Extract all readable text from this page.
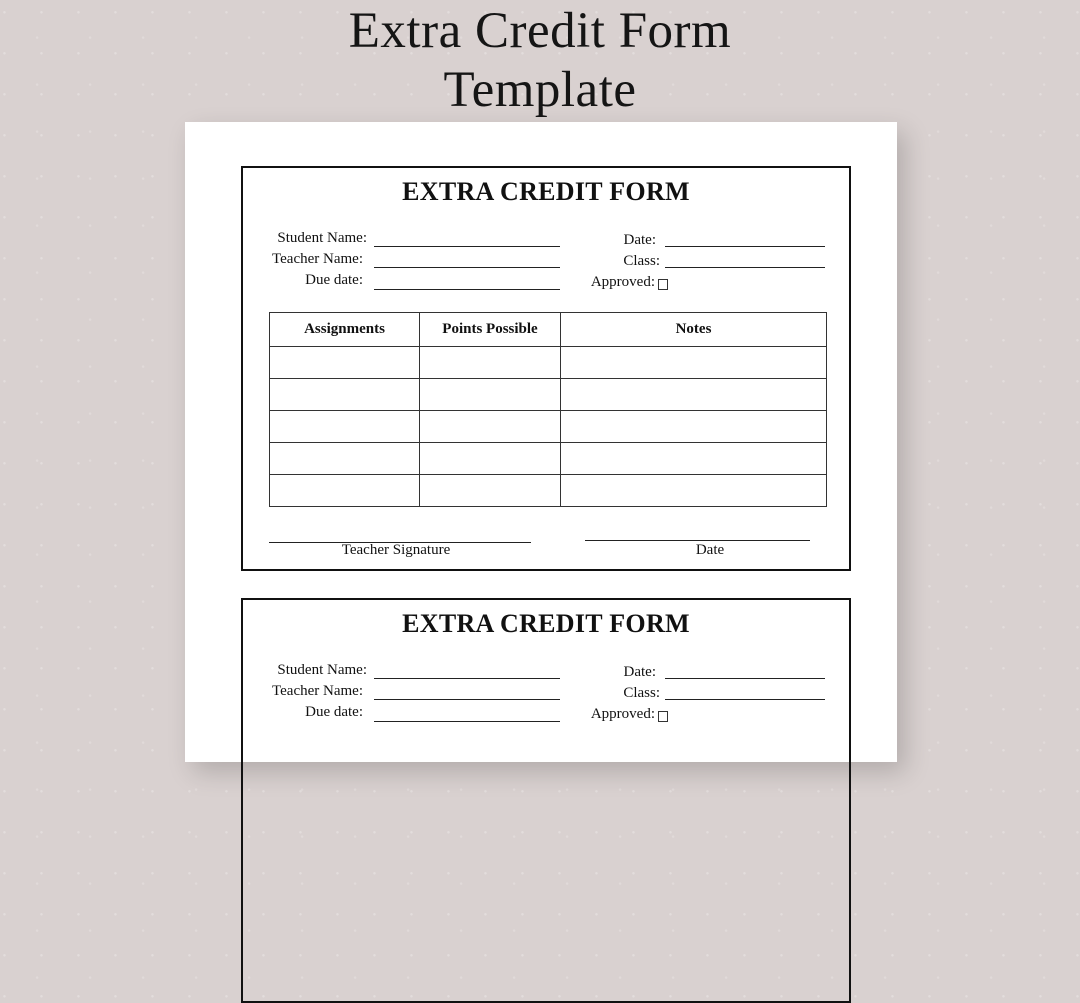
Extra Credit Form
Template
EXTRA CREDIT FORM
Student Name:
Teacher Name:
Due date:
Date:
Class:
Approved:
Assignments	Points Possible	Notes

Teacher Signature	Date
EXTRA CREDIT FORM
Student Name:
Teacher Name:
Due date:
Date:
Class:
Approved:
